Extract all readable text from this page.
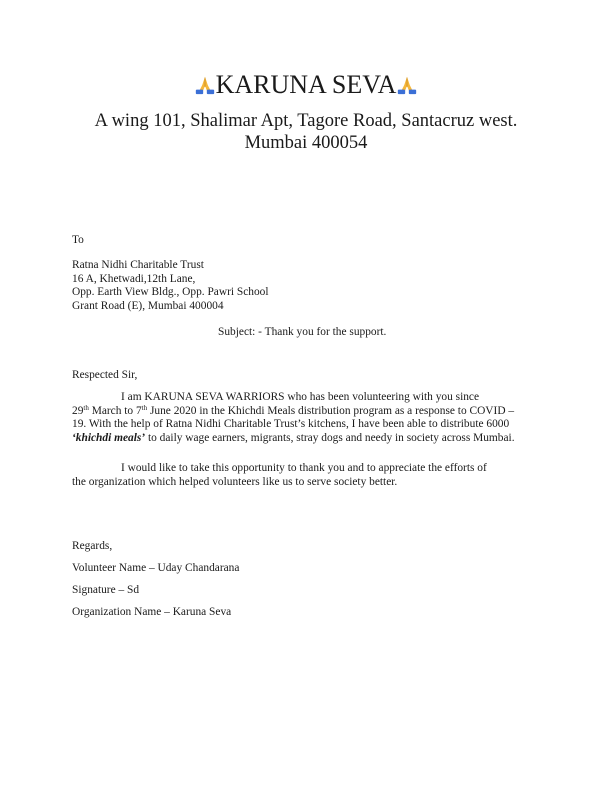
KARUNA SEVA
A wing 101, Shalimar Apt, Tagore Road, Santacruz west.
Mumbai 400054
To
Ratna Nidhi Charitable Trust
16 A, Khetwadi,12th Lane,
Opp. Earth View Bldg., Opp. Pawri School
Grant Road (E), Mumbai 400004
Subject: - Thank you for the support.
Respected Sir,
I am KARUNA SEVA WARRIORS who has been volunteering with you since
29th March to 7th June 2020 in the Khichdi Meals distribution program as a response to COVID –
19. With the help of Ratna Nidhi Charitable Trust’s kitchens, I have been able to distribute 6000
‘khichdi meals’ to daily wage earners, migrants, stray dogs and needy in society across Mumbai.
I would like to take this opportunity to thank you and to appreciate the efforts of
the organization which helped volunteers like us to serve society better.
Regards,
Volunteer Name – Uday Chandarana
Signature – Sd
Organization Name – Karuna Seva
